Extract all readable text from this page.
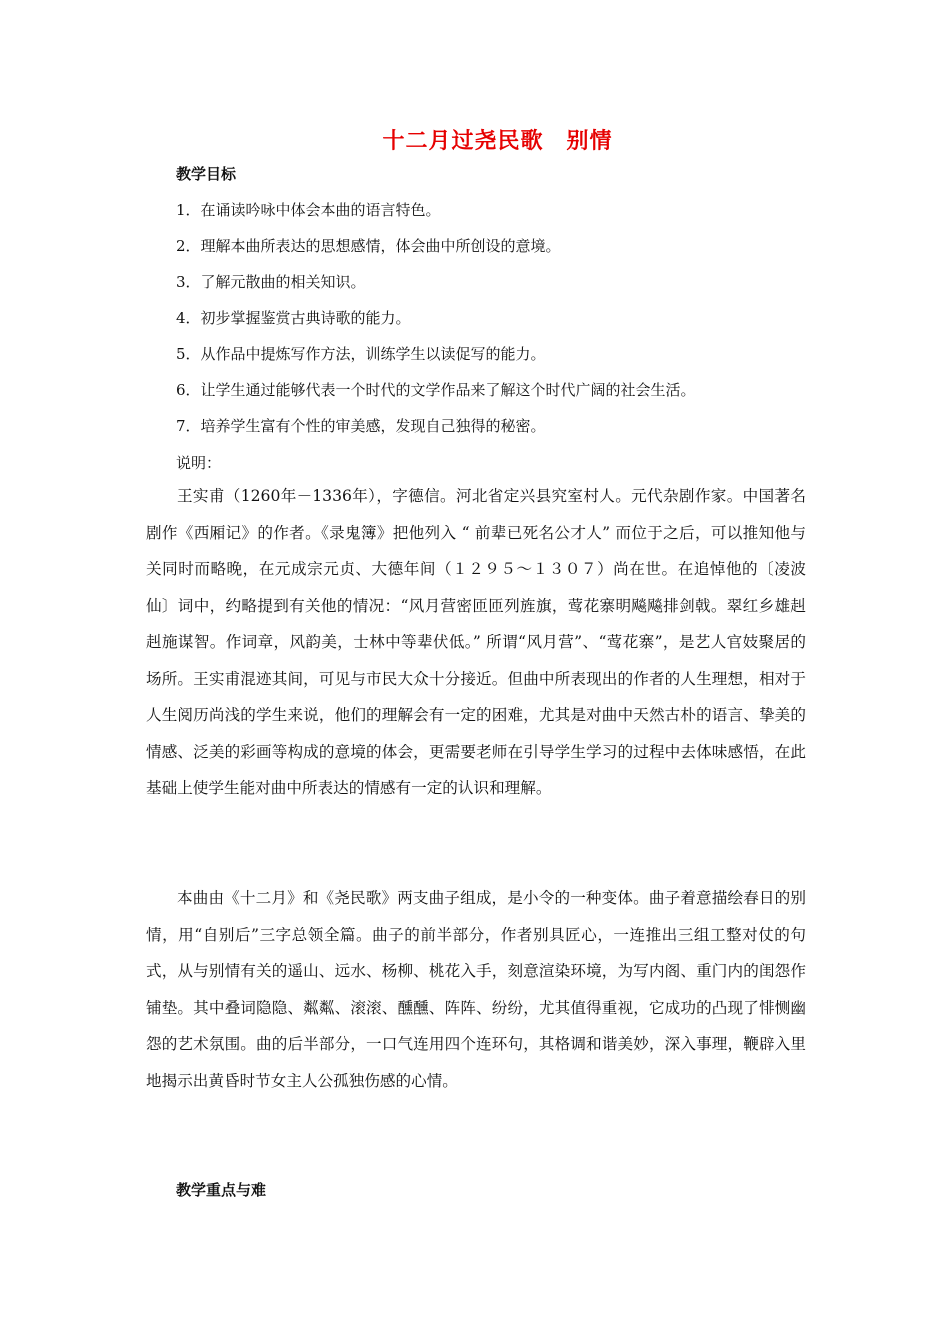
十二月过尧民歌　别情
教学目标
1．在诵读吟咏中体会本曲的语言特色。
2．理解本曲所表达的思想感情，体会曲中所创设的意境。
3．了解元散曲的相关知识。
4．初步掌握鉴赏古典诗歌的能力。
5．从作品中提炼写作方法，训练学生以读促写的能力。
6．让学生通过能够代表一个时代的文学作品来了解这个时代广阔的社会生活。
7．培养学生富有个性的审美感，发现自己独得的秘密。
说明：
王实甫（1260年－1336年），字德信。河北省定兴县究室村人。元代杂剧作家。中国著名剧作《西厢记》的作者。《录鬼簿》把他列入 “ 前辈已死名公才人” 而位于之后，可以推知他与关同时而略晚，在元成宗元贞、大德年间（１２９５～１３０７）尚在世。在追悼他的〔凌波仙〕词中，约略提到有关他的情况：“风月营密匝匝列旌旗，莺花寨明飚飚排剑戟。翠红乡雄赳赳施谋智。作词章，风韵美，士林中等辈伏低。” 所谓“风月营”、“莺花寨”，是艺人官妓聚居的场所。王实甫混迹其间，可见与市民大众十分接近。但曲中所表现出的作者的人生理想，相对于人生阅历尚浅的学生来说，他们的理解会有一定的困难，尤其是对曲中天然古朴的语言、挚美的情感、泛美的彩画等构成的意境的体会，更需要老师在引导学生学习的过程中去体味感悟，在此基础上使学生能对曲中所表达的情感有一定的认识和理解。
本曲由《十二月》和《尧民歌》两支曲子组成，是小令的一种变体。曲子着意描绘春日的别情，用“自别后”三字总领全篇。曲子的前半部分，作者别具匠心，一连推出三组工整对仗的句式，从与别情有关的遥山、远水、杨柳、桃花入手，刻意渲染环境，为写内阁、重门内的闺怨作铺垫。其中叠词隐隐、粼粼、滚滚、醺醺、阵阵、纷纷，尤其值得重视，它成功的凸现了悱恻幽怨的艺术氛围。曲的后半部分，一口气连用四个连环句，其格调和谐美妙，深入事理，鞭辟入里地揭示出黄昏时节女主人公孤独伤感的心情。
教学重点与难
